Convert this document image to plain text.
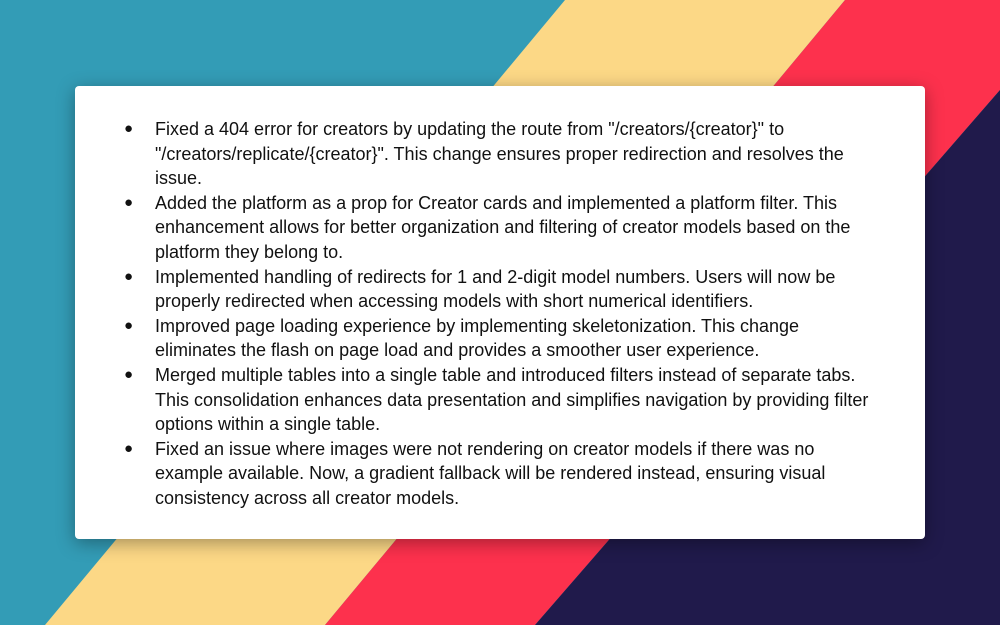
● Fixed a 404 error for creators by updating the route from "/creators/{creator}" to "/creators/replicate/{creator}". This change ensures proper redirection and resolves the issue.
● Added the platform as a prop for Creator cards and implemented a platform filter. This enhancement allows for better organization and filtering of creator models based on the platform they belong to.
● Implemented handling of redirects for 1 and 2-digit model numbers. Users will now be properly redirected when accessing models with short numerical identifiers.
● Improved page loading experience by implementing skeletonization. This change eliminates the flash on page load and provides a smoother user experience.
● Merged multiple tables into a single table and introduced filters instead of separate tabs. This consolidation enhances data presentation and simplifies navigation by providing filter options within a single table.
● Fixed an issue where images were not rendering on creator models if there was no example available. Now, a gradient fallback will be rendered instead, ensuring visual consistency across all creator models.
